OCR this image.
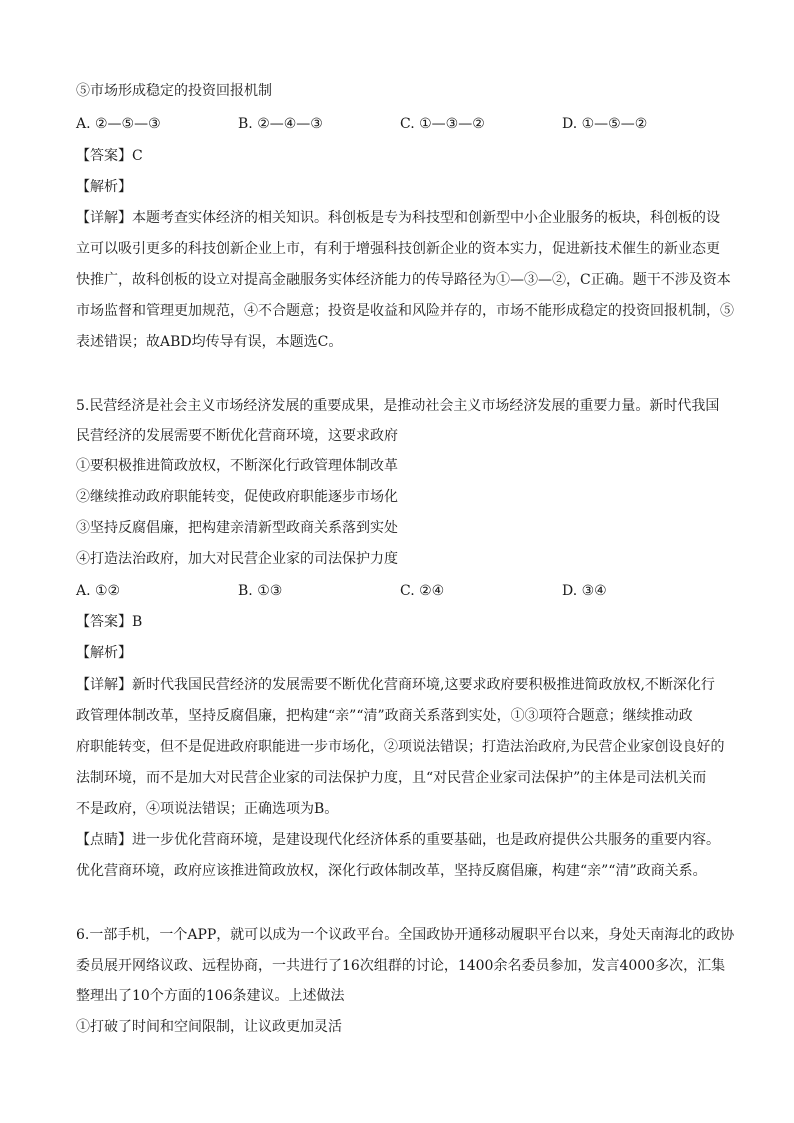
⑤市场形成稳定的投资回报机制
A. ②—⑤—③	B. ②—④—③	C. ①—③—②	D. ①—⑤—②
【答案】C
【解析】
【详解】本题考查实体经济的相关知识。科创板是专为科技型和创新型中小企业服务的板块，科创板的设
立可以吸引更多的科技创新企业上市，有利于增强科技创新企业的资本实力，促进新技术催生的新业态更
快推广，故科创板的设立对提高金融服务实体经济能力的传导路径为①—③—②，C正确。题干不涉及资本
市场监督和管理更加规范，④不合题意；投资是收益和风险并存的，市场不能形成稳定的投资回报机制，⑤
表述错误；故ABD均传导有误，本题选C。
5.民营经济是社会主义市场经济发展的重要成果，是推动社会主义市场经济发展的重要力量。新时代我国
民营经济的发展需要不断优化营商环境，这要求政府
①要积极推进简政放权，不断深化行政管理体制改革
②继续推动政府职能转变，促使政府职能逐步市场化
③坚持反腐倡廉，把构建亲清新型政商关系落到实处
④打造法治政府，加大对民营企业家的司法保护力度
A. ①②	B. ①③	C. ②④	D. ③④
【答案】B
【解析】
【详解】新时代我国民营经济的发展需要不断优化营商环境,这要求政府要积极推进简政放权,不断深化行
政管理体制改革，坚持反腐倡廉，把构建“亲”“清”政商关系落到实处，①③项符合题意；继续推动政
府职能转变，但不是促进政府职能进一步市场化，②项说法错误；打造法治政府,为民营企业家创设良好的
法制环境，而不是加大对民营企业家的司法保护力度，且“对民营企业家司法保护”的主体是司法机关而
不是政府，④项说法错误；正确选项为B。
【点睛】进一步优化营商环境，是建设现代化经济体系的重要基础，也是政府提供公共服务的重要内容。
优化营商环境，政府应该推进简政放权，深化行政体制改革，坚持反腐倡廉，构建“亲”“清”政商关系。
6.一部手机，一个APP，就可以成为一个议政平台。全国政协开通移动履职平台以来，身处天南海北的政协
委员展开网络议政、远程协商，一共进行了16次组群的讨论，1400余名委员参加，发言4000多次，汇集
整理出了10个方面的106条建议。上述做法
①打破了时间和空间限制，让议政更加灵活
